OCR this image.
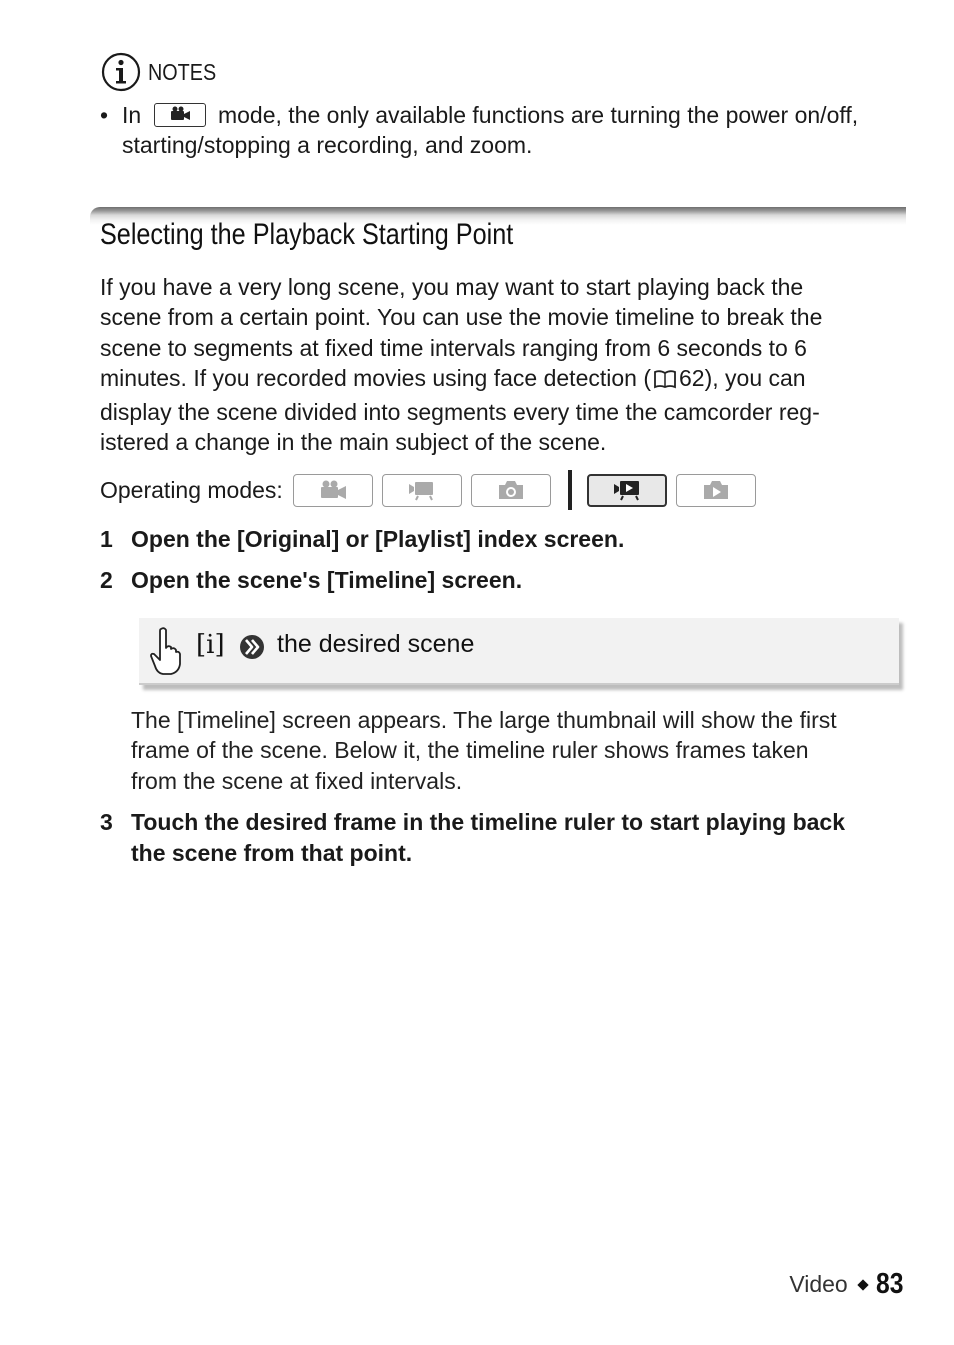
NOTES
• In	mode, the only available functions are turning the power on/off,
starting/stopping a recording, and zoom.
Selecting the Playback Starting Point

If you have a very long scene, you may want to start playing back the

scene from a certain point. You can use the movie timeline to break the

scene to segments at fixed time intervals ranging from 6 seconds to 6

minutes. If you recorded movies using face detection ( 62), you can

display the scene divided into segments every time the camcorder reg-

istered a change in the main subject of the scene.

Operating modes:
1 Open the [Original] or [Playlist] index screen.
2 Open the scene's [Timeline] screen.
[i] the desired scene

The [Timeline] screen appears. The large thumbnail will show the first

frame of the scene. Below it, the timeline ruler shows frames taken

from the scene at fixed intervals.

3 Touch the desired frame in the timeline ruler to start playing back
the scene from that point.
Video 83
